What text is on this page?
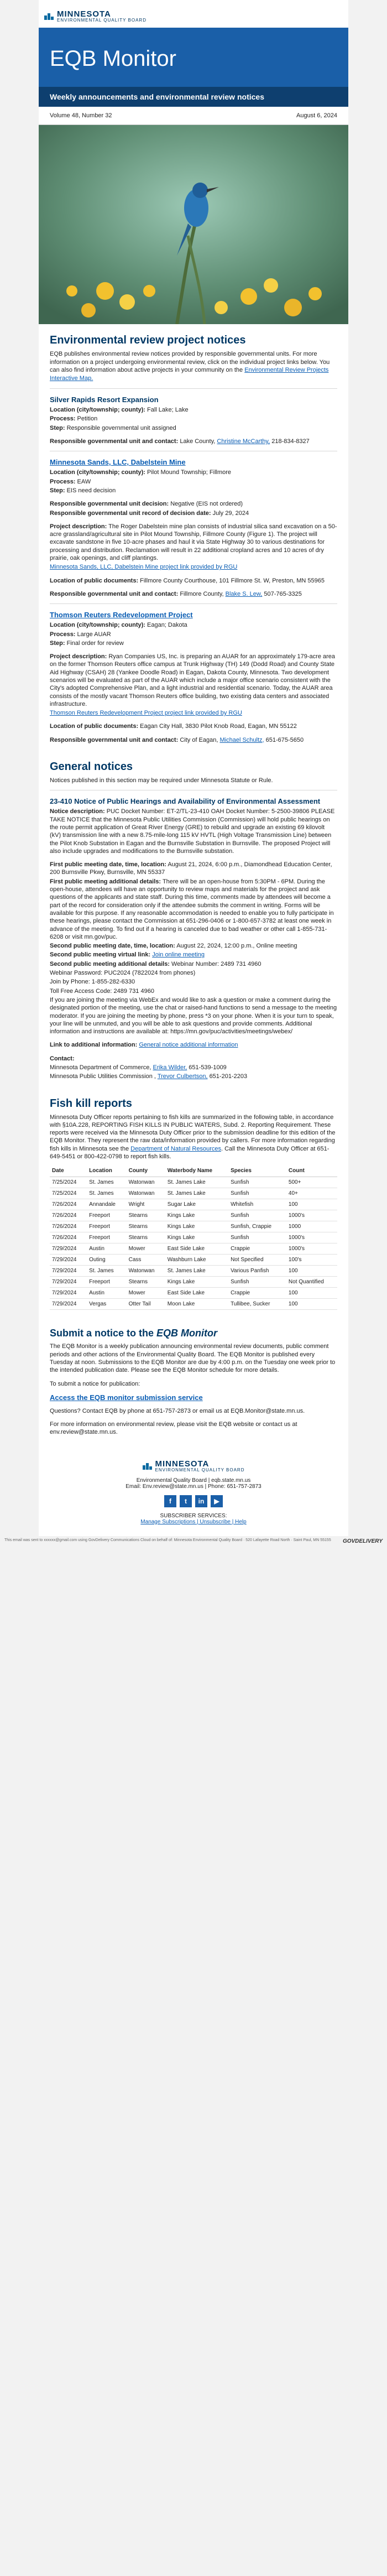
MINNESOTA
ENVIRONMENTAL QUALITY BOARD
EQB Monitor
Weekly announcements and environmental review notices
Volume 48, Number 32	August 6, 2024
Environmental review project notices

EQB publishes environmental review notices provided by responsible governmental units. For more information on a project undergoing environmental review, click on the individual project links below. You can also find information about active projects in your community on the Environmental Review Projects Interactive Map.

Silver Rapids Resort Expansion
Location (city/township; county): Fall Lake; Lake
Process: Petition
Step: Responsible governmental unit assigned
Responsible governmental unit and contact: Lake County, Christine McCarthy, 218-834-8327
Minnesota Sands, LLC, Dabelstein Mine
Location (city/township; county): Pilot Mound Township; Fillmore
Process: EAW
Step: EIS need decision
Responsible governmental unit decision: Negative (EIS not ordered)
Responsible governmental unit record of decision date: July 29, 2024
Project description: The Roger Dabelstein mine plan consists of industrial silica sand excavation on a 50-acre grassland/agricultural site in Pilot Mound Township, Fillmore County (Figure 1). The project will excavate sandstone in five 10-acre phases and haul it via State Highway 30 to various destinations for processing and distribution. Reclamation will result in 22 additional cropland acres and 10 acres of dry prairie, oak openings, and cliff plantings.
Minnesota Sands, LLC, Dabelstein Mine project link provided by RGU
Location of public documents: Fillmore County Courthouse, 101 Fillmore St. W, Preston, MN 55965
Responsible governmental unit and contact: Fillmore County, Blake S. Lew, 507-765-3325
Thomson Reuters Redevelopment Project
Location (city/township; county): Eagan; Dakota
Process: Large AUAR
Step: Final order for review
Project description: Ryan Companies US, Inc. is preparing an AUAR for an approximately 179-acre area on the former Thomson Reuters office campus at Trunk Highway (TH) 149 (Dodd Road) and County State Aid Highway (CSAH) 28 (Yankee Doodle Road) in Eagan, Dakota County, Minnesota. Two development scenarios will be evaluated as part of the AUAR which include a major office scenario consistent with the City's adopted Comprehensive Plan, and a light industrial and residential scenario. Today, the AUAR area consists of the mostly vacant Thomson Reuters office building, two existing data centers and associated infrastructure.
Thomson Reuters Redevelopment Project project link provided by RGU
Location of public documents: Eagan City Hall, 3830 Pilot Knob Road, Eagan, MN 55122
Responsible governmental unit and contact: City of Eagan, Michael Schultz, 651-675-5650
General notices
Notices published in this section may be required under Minnesota Statute or Rule.
23-410 Notice of Public Hearings and Availability of Environmental Assessment
Notice description: PUC Docket Number: ET-2/TL-23-410 OAH Docket Number: 5-2500-39806 PLEASE TAKE NOTICE that the Minnesota Public Utilities Commission (Commission) will hold public hearings on the route permit application of Great River Energy (GRE) to rebuild and upgrade an existing 69 kilovolt (kV) transmission line with a new 8.75-mile-long 115 kV HVTL (High Voltage Transmission Line) between the Pilot Knob Substation in Eagan and the Burnsville Substation in Burnsville. The proposed Project will also include upgrades and modifications to the Burnsville substation.
First public meeting date, time, location: August 21, 2024, 6:00 p.m., Diamondhead Education Center, 200 Burnsville Pkwy, Burnsville, MN 55337
First public meeting additional details: There will be an open-house from 5:30PM - 6PM. During the open-house, attendees will have an opportunity to review maps and materials for the project and ask questions of the applicants and state staff. During this time, comments made by attendees will become a part of the record for consideration only if the attendee submits the comment in writing. Forms will be available for this purpose. If any reasonable accommodation is needed to enable you to fully participate in these hearings, please contact the Commission at 651-296-0406 or 1-800-657-3782 at least one week in advance of the meeting. To find out if a hearing is canceled due to bad weather or other call 1-855-731-6208 or visit mn.gov/puc.
Second public meeting date, time, location: August 22, 2024, 12:00 p.m., Online meeting
Second public meeting virtual link: Join online meeting
Second public meeting additional details: Webinar Number: 2489 731 4960
Webinar Password: PUC2024 (7822024 from phones)
Join by Phone: 1-855-282-6330
Toll Free Access Code: 2489 731 4960
If you are joining the meeting via WebEx and would like to ask a question or make a comment during the designated portion of the meeting, use the chat or raised-hand functions to send a message to the meeting moderator. If you are joining the meeting by phone, press *3 on your phone. When it is your turn to speak, your line will be unmuted, and you will be able to ask questions and provide comments. Additional information and instructions are available at: https://mn.gov/puc/activities/meetings/webex/
Link to additional information: General notice additional information
Contact:
Minnesota Department of Commerce, Erika Wilder, 651-539-1009
Minnesota Public Utilities Commission , Trevor Culbertson, 651-201-2203
Fish kill reports
Minnesota Duty Officer reports pertaining to fish kills are summarized in the following table, in accordance with §10A.228, REPORTING FISH KILLS IN PUBLIC WATERS, Subd. 2. Reporting Requirement. These reports were received via the Minnesota Duty Officer prior to the submission deadline for this edition of the EQB Monitor. They represent the raw data/information provided by callers. For more information regarding fish kills in Minnesota see the Department of Natural Resources. Call the Minnesota Duty Officer at 651-649-5451 or 800-422-0798 to report fish kills.
Date	Location	County	Waterbody Name	Species	Count
7/25/2024	St. James	Watonwan	St. James Lake	Sunfish	500+
7/25/2024	St. James	Watonwan	St. James Lake	Sunfish	40+
7/26/2024	Annandale	Wright	Sugar Lake	Whitefish	100
7/26/2024	Freeport	Stearns	Kings Lake	Sunfish	1000's
7/26/2024	Freeport	Stearns	Kings Lake	Sunfish, Crappie	1000
7/26/2024	Freeport	Stearns	Kings Lake	Sunfish	1000's
7/29/2024	Austin	Mower	East Side Lake	Crappie	1000's
7/29/2024	Outing	Cass	Washburn Lake	Not Specified	100's
7/29/2024	St. James	Watonwan	St. James Lake	Various Panfish	100
7/29/2024	Freeport	Stearns	Kings Lake	Sunfish	Not Quantified
7/29/2024	Austin	Mower	East Side Lake	Crappie	100
7/29/2024	Vergas	Otter Tail	Moon Lake	Tullibee, Sucker	100
Submit a notice to the EQB Monitor
The EQB Monitor is a weekly publication announcing environmental review documents, public comment periods and other actions of the Environmental Quality Board. The EQB Monitor is published every Tuesday at noon. Submissions to the EQB Monitor are due by 4:00 p.m. on the Tuesday one week prior to the intended publication date. Please see the EQB Monitor schedule for more details.
To submit a notice for publication:
Access the EQB monitor submission service
Questions? Contact EQB by phone at 651-757-2873 or email us at EQB.Monitor@state.mn.us.
For more information on environmental review, please visit the EQB website or contact us at env.review@state.mn.us.
MINNESOTA
ENVIRONMENTAL QUALITY BOARD
Environmental Quality Board | eqb.state.mn.us
Email: Env.review@state.mn.us | Phone: 651-757-2873
f	t	in	▶
SUBSCRIBER SERVICES:
Manage Subscriptions | Unsubscribe | Help
This email was sent to xxxxxx@gmail.com using GovDelivery Communications Cloud on behalf of: Minnesota Environmental Quality Board · 520 Lafayette Road North · Saint Paul, MN 55155 GOVDELIVERY
